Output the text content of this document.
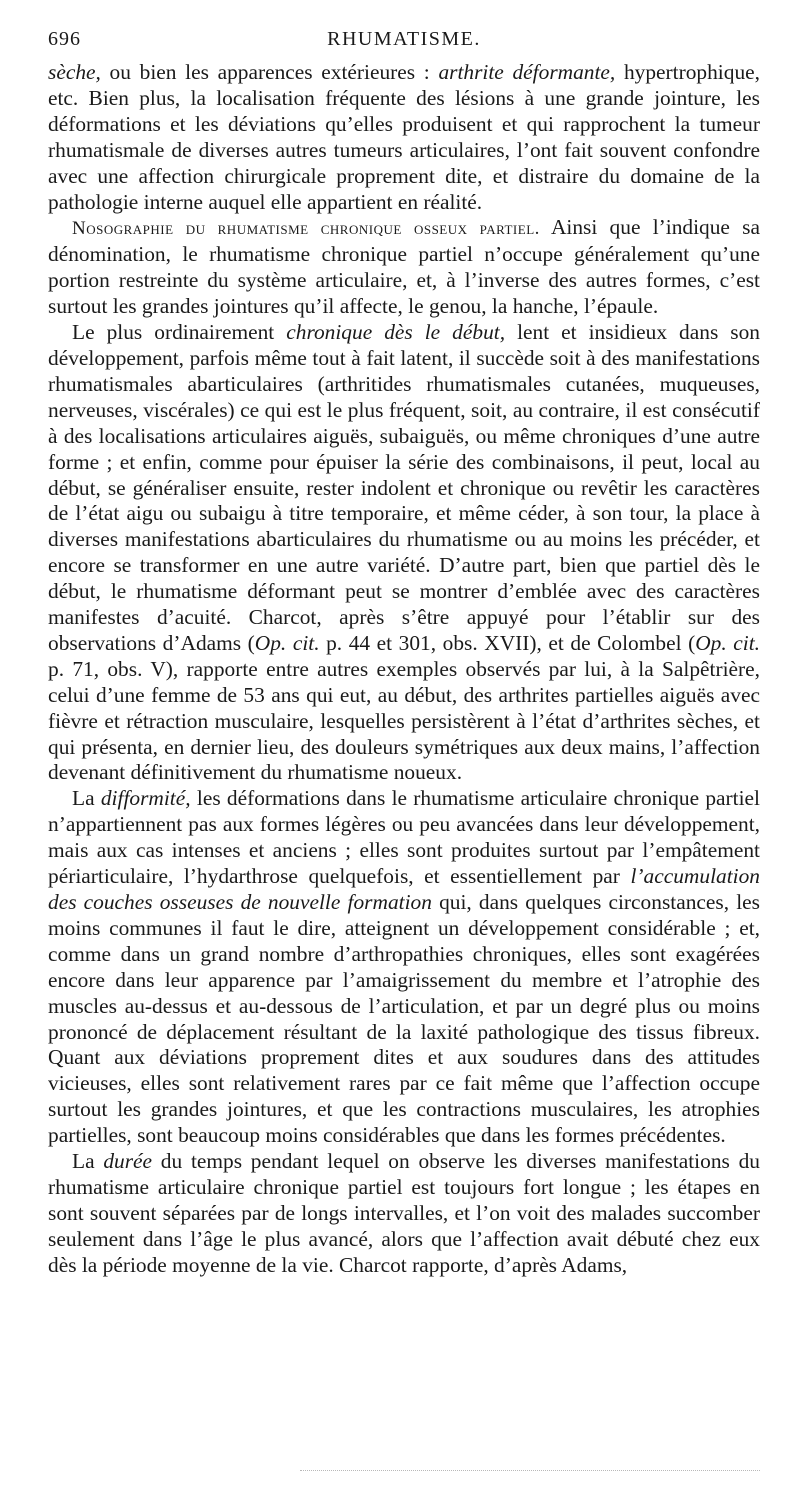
696	RHUMATISME.

sèche, ou bien les apparences extérieures : arthrite déformante, hypertrophique, etc. Bien plus, la localisation fréquente des lésions à une grande jointure, les déformations et les déviations qu’elles produisent et qui rapprochent la tumeur rhumatismale de diverses autres tumeurs articulaires, l’ont fait souvent confondre avec une affection chirurgicale proprement dite, et distraire du domaine de la pathologie interne auquel elle appartient en réalité.

Nosographie du rhumatisme chronique osseux partiel. Ainsi que l’indique sa dénomination, le rhumatisme chronique partiel n’occupe généralement qu’une portion restreinte du système articulaire, et, à l’inverse des autres formes, c’est surtout les grandes jointures qu’il affecte, le genou, la hanche, l’épaule.

Le plus ordinairement chronique dès le début, lent et insidieux dans son développement, parfois même tout à fait latent, il succède soit à des manifestations rhumatismales abarticulaires (arthritides rhumatismales cutanées, muqueuses, nerveuses, viscérales) ce qui est le plus fréquent, soit, au contraire, il est consécutif à des localisations articulaires aiguës, subaiguës, ou même chroniques d’une autre forme ; et enfin, comme pour épuiser la série des combinaisons, il peut, local au début, se généraliser ensuite, rester indolent et chronique ou revêtir les caractères de l’état aigu ou subaigu à titre temporaire, et même céder, à son tour, la place à diverses manifestations abarticulaires du rhumatisme ou au moins les précéder, et encore se transformer en une autre variété. D’autre part, bien que partiel dès le début, le rhumatisme déformant peut se montrer d’emblée avec des caractères manifestes d’acuité. Charcot, après s’être appuyé pour l’établir sur des observations d’Adams (Op. cit. p. 44 et 301, obs. XVII), et de Colombel (Op. cit. p. 71, obs. V), rapporte entre autres exemples observés par lui, à la Salpêtrière, celui d’une femme de 53 ans qui eut, au début, des arthrites partielles aiguës avec fièvre et rétraction musculaire, lesquelles persistèrent à l’état d’arthrites sèches, et qui présenta, en dernier lieu, des douleurs symétriques aux deux mains, l’affection devenant définitivement du rhumatisme noueux.

La difformité, les déformations dans le rhumatisme articulaire chronique partiel n’appartiennent pas aux formes légères ou peu avancées dans leur développement, mais aux cas intenses et anciens ; elles sont produites surtout par l’empâtement périarticulaire, l’hydarthrose quelquefois, et essentiellement par l’accumulation des couches osseuses de nouvelle formation qui, dans quelques circonstances, les moins communes il faut le dire, atteignent un développement considérable ; et, comme dans un grand nombre d’arthropathies chroniques, elles sont exagérées encore dans leur apparence par l’amaigrissement du membre et l’atrophie des muscles au-dessus et au-dessous de l’articulation, et par un degré plus ou moins prononcé de déplacement résultant de la laxité pathologique des tissus fibreux. Quant aux déviations proprement dites et aux soudures dans des attitudes vicieuses, elles sont relativement rares par ce fait même que l’affection occupe surtout les grandes jointures, et que les contractions musculaires, les atrophies partielles, sont beaucoup moins considérables que dans les formes précédentes.

La durée du temps pendant lequel on observe les diverses manifestations du rhumatisme articulaire chronique partiel est toujours fort longue ; les étapes en sont souvent séparées par de longs intervalles, et l’on voit des malades succomber seulement dans l’âge le plus avancé, alors que l’affection avait débuté chez eux dès la période moyenne de la vie. Charcot rapporte, d’après Adams,
